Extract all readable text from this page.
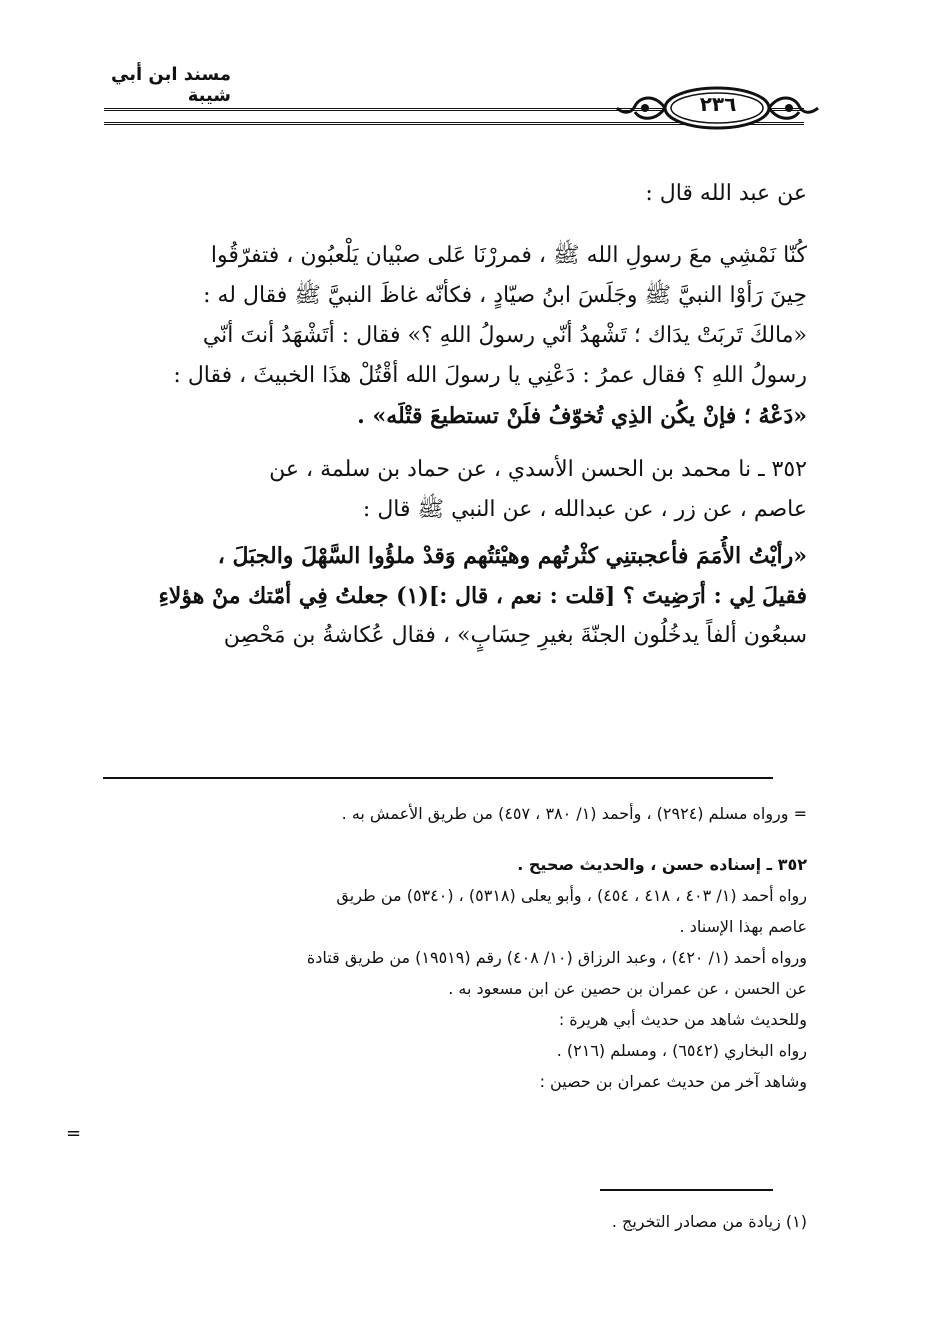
مسند ابن أبي شيبة	٢٣٦
عن عبد الله قال :
كُنّا نَمْشِي معَ رسولِ الله ﷺ ، فمررْنَا عَلى صبْيان يَلْعبُون ، فتفرّقُوا
حِينَ رَأوْا النبيَّ ﷺ وجَلَسَ ابنُ صيّادٍ ، فكأنّه غاظَ النبيَّ ﷺ فقال له :
«مالكَ تَربَتْ يدَاك ؛ تَشْهدُ أنّي رسولُ اللهِ ؟» فقال : أتَشْهَدُ أنتَ أنّي
رسولُ اللهِ ؟ فقال عمرُ : دَعْنِي يا رسولَ الله أقْتُلْ هذَا الخبيثَ ، فقال :
«دَعْهُ ؛ فإنْ يكُن الذِي تُخوّفُ فلَنْ تستطيعَ قتْلَه» .
٣٥٢ ـ نا محمد بن الحسن الأسدي ، عن حماد بن سلمة ، عن
عاصم ، عن زر ، عن عبدالله ، عن النبي ﷺ قال :
«رأيْتُ الأُمَمَ فأعجبتنِي كثْرتُهم وهيْئتُهم وَقدْ ملؤُوا السَّهْلَ والجبَلَ ،
فقيلَ لِي : أرَضِيتَ ؟ [قلت : نعم ، قال :](١) جعلتُ فِي أمّتك منْ هؤلاءِ
سبعُون ألفاً يدخُلُون الجنّةَ بغيرِ حِسَابٍ» ، فقال عُكاشةُ بن مَحْصِن
= ورواه مسلم (٢٩٢٤) ، وأحمد (١/ ٣٨٠ ، ٤٥٧) من طريق الأعمش به .
٣٥٢ ـ إسناده حسن ، والحديث صحيح .
رواه أحمد (١/ ٤٠٣ ، ٤١٨ ، ٤٥٤) ، وأبو يعلى (٥٣١٨) ، (٥٣٤٠) من طريق
عاصم بهذا الإسناد .
ورواه أحمد (١/ ٤٢٠) ، وعبد الرزاق (١٠/ ٤٠٨) رقم (١٩٥١٩) من طريق قتادة
عن الحسن ، عن عمران بن حصين عن ابن مسعود به .
وللحديث شاهد من حديث أبي هريرة :
رواه البخاري (٦٥٤٢) ، ومسلم (٢١٦) .
وشاهد آخر من حديث عمران بن حصين :
=
(١) زيادة من مصادر التخريج .
